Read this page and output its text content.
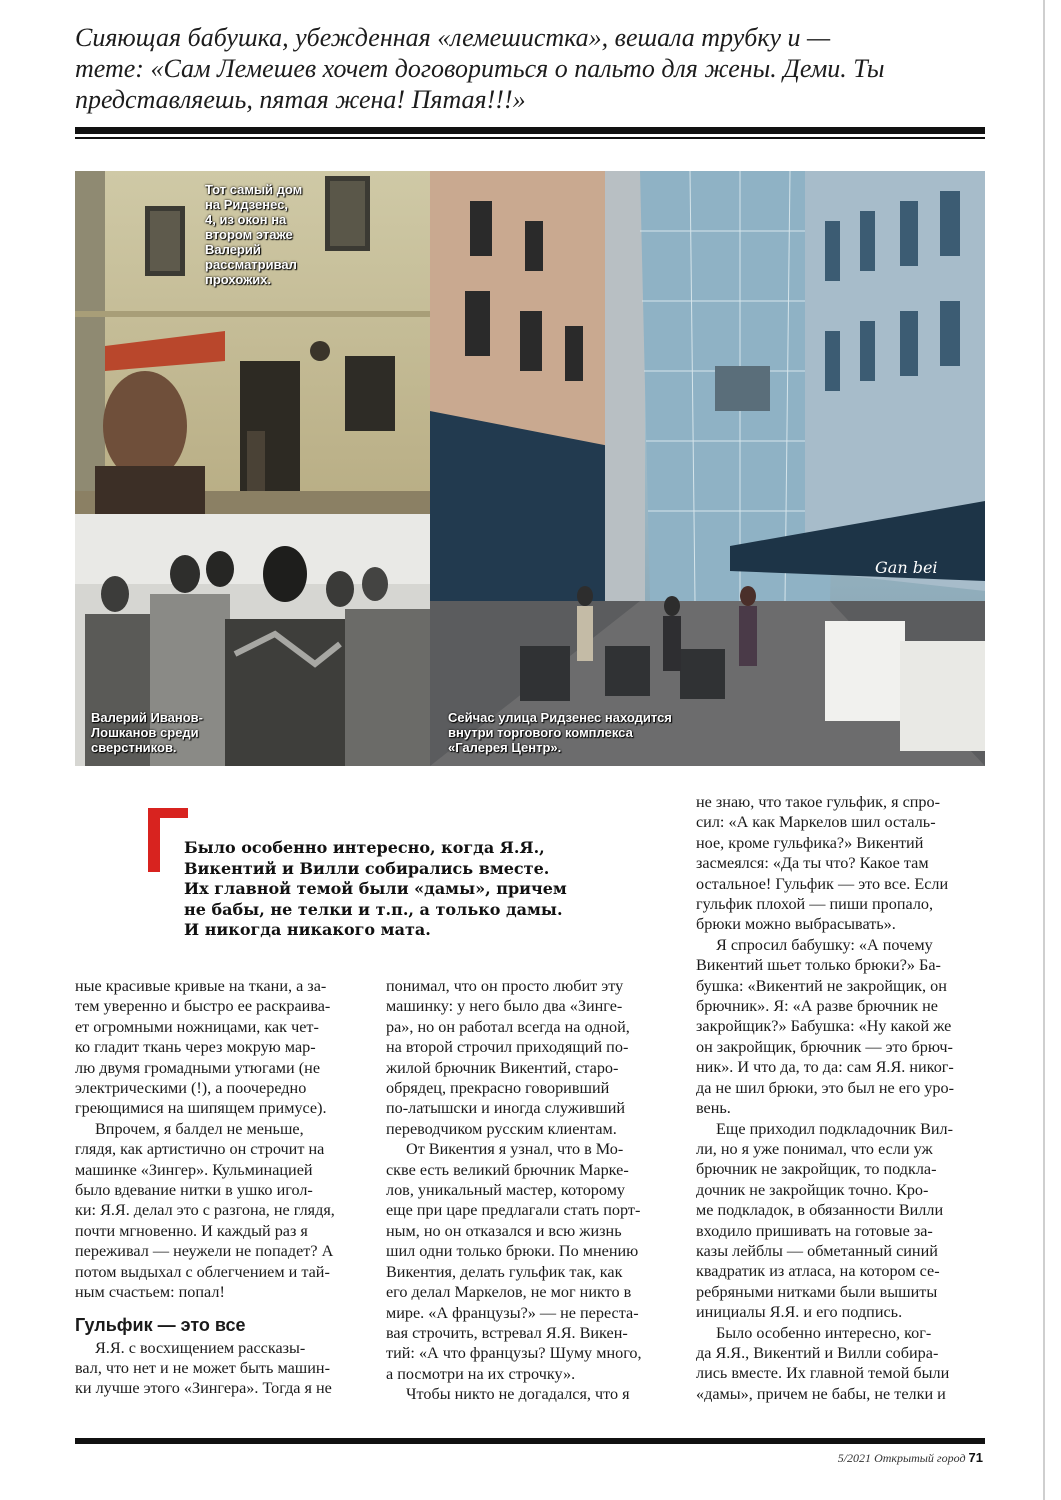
Сияющая бабушка, убежденная «лемешистка», вешала трубку и —
тете: «Сам Лемешев хочет договориться о пальто для жены. Деми. Ты
представляешь, пятая жена! Пятая!!!»
Тот самый дом
на Ридзенес,
4, из окон на
втором этаже
Валерий
рассматривал
прохожих.
Валерий Иванов-
Лошканов среди
сверстников.
Gan bei
Сейчас улица Ридзенес находится
внутри торгового комплекса
«Галерея Центр».
Было особенно интересно, когда Я.Я.,
Викентий и Вилли собирались вместе.
Их главной темой были «дамы», причем
не бабы, не телки и т.п., а только дамы.
И никогда никакого мата.
ные красивые кривые на ткани, а за-
тем уверенно и быстро ее раскраива-
ет огромными ножницами, как чет-
ко гладит ткань через мокрую мар-
лю двумя громадными утюгами (не
электрическими (!), а поочередно
греющимися на шипящем примусе).
Впрочем, я балдел не меньше,
глядя, как артистично он строчит на
машинке «Зингер». Кульминацией
было вдевание нитки в ушко игол-
ки: Я.Я. делал это с разгона, не глядя,
почти мгновенно. И каждый раз я
переживал — неужели не попадет? А
потом выдыхал с облегчением и тай-
ным счастьем: попал!
Гульфик — это все
Я.Я. с восхищением рассказы-
вал, что нет и не может быть машин-
ки лучше этого «Зингера». Тогда я не
понимал, что он просто любит эту
машинку: у него было два «Зинге-
ра», но он работал всегда на одной,
на второй строчил приходящий по-
жилой брючник Викентий, старо-
обрядец, прекрасно говоривший
по-латышски и иногда служивший
переводчиком русским клиентам.
От Викентия я узнал, что в Мо-
скве есть великий брючник Марке-
лов, уникальный мастер, которому
еще при царе предлагали стать порт-
ным, но он отказался и всю жизнь
шил одни только брюки. По мнению
Викентия, делать гульфик так, как
его делал Маркелов, не мог никто в
мире. «А французы?» — не переста-
вая строчить, встревал Я.Я. Викен-
тий: «А что французы? Шуму много,
а посмотри на их строчку».
Чтобы никто не догадался, что я
не знаю, что такое гульфик, я спро-
сил: «А как Маркелов шил осталь-
ное, кроме гульфика?» Викентий
засмеялся: «Да ты что? Какое там
остальное! Гульфик — это все. Если
гульфик плохой — пиши пропало,
брюки можно выбрасывать».
Я спросил бабушку: «А почему
Викентий шьет только брюки?» Ба-
бушка: «Викентий не закройщик, он
брючник». Я: «А разве брючник не
закройщик?» Бабушка: «Ну какой же
он закройщик, брючник — это брюч-
ник». И что да, то да: сам Я.Я. никог-
да не шил брюки, это был не его уро-
вень.
Еще приходил подкладочник Вил-
ли, но я уже понимал, что если уж
брючник не закройщик, то подкла-
дочник не закройщик точно. Кро-
ме подкладок, в обязанности Вилли
входило пришивать на готовые за-
казы лейблы — обметанный синий
квадратик из атласа, на котором се-
ребряными нитками были вышиты
инициалы Я.Я. и его подпись.
Было особенно интересно, ког-
да Я.Я., Викентий и Вилли собира-
лись вместе. Их главной темой были
«дамы», причем не бабы, не телки и
5/2021 Открытый город 71
